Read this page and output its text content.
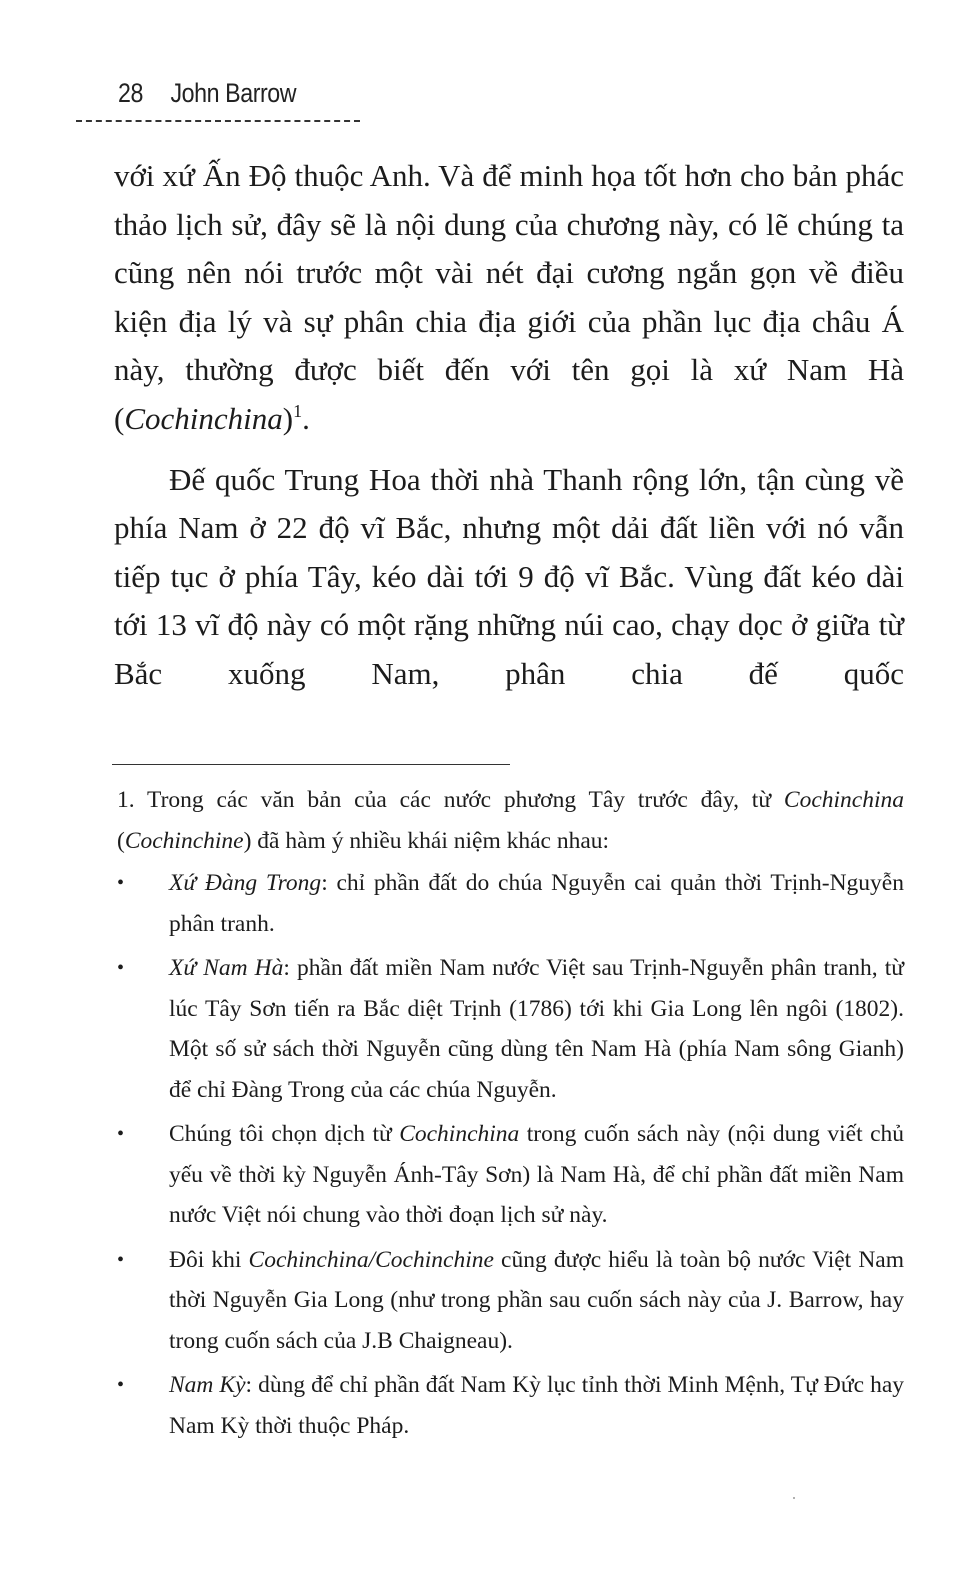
28 John Barrow

với xứ Ấn Độ thuộc Anh. Và để minh họa tốt hơn cho bản phác thảo lịch sử, đây sẽ là nội dung của chương này, có lẽ chúng ta cũng nên nói trước một vài nét đại cương ngắn gọn về điều kiện địa lý và sự phân chia địa giới của phần lục địa châu Á này, thường được biết đến với tên gọi là xứ Nam Hà (Cochinchina)$^1$.

Đế quốc Trung Hoa thời nhà Thanh rộng lớn, tận cùng về phía Nam ở 22 độ vĩ Bắc, nhưng một dải đất liền với nó vẫn tiếp tục ở phía Tây, kéo dài tới 9 độ vĩ Bắc. Vùng đất kéo dài tới 13 vĩ độ này có một rặng những núi cao, chạy dọc ở giữa từ Bắc xuống Nam, phân chia đế quốc

1. Trong các văn bản của các nước phương Tây trước đây, từ Cochinchina (Cochinchine) đã hàm ý nhiều khái niệm khác nhau:

• Xứ Đàng Trong: chỉ phần đất do chúa Nguyễn cai quản thời Trịnh-Nguyễn phân tranh.
• Xứ Nam Hà: phần đất miền Nam nước Việt sau Trịnh-Nguyễn phân tranh, từ lúc Tây Sơn tiến ra Bắc diệt Trịnh (1786) tới khi Gia Long lên ngôi (1802). Một số sử sách thời Nguyễn cũng dùng tên Nam Hà (phía Nam sông Gianh) để chỉ Đàng Trong của các chúa Nguyễn.
• Chúng tôi chọn dịch từ Cochinchina trong cuốn sách này (nội dung viết chủ yếu về thời kỳ Nguyễn Ánh-Tây Sơn) là Nam Hà, để chỉ phần đất miền Nam nước Việt nói chung vào thời đoạn lịch sử này.
• Đôi khi Cochinchina/Cochinchine cũng được hiểu là toàn bộ nước Việt Nam thời Nguyễn Gia Long (như trong phần sau cuốn sách này của J. Barrow, hay trong cuốn sách của J.B Chaigneau).
• Nam Kỳ: dùng để chỉ phần đất Nam Kỳ lục tỉnh thời Minh Mệnh, Tự Đức hay Nam Kỳ thời thuộc Pháp.
